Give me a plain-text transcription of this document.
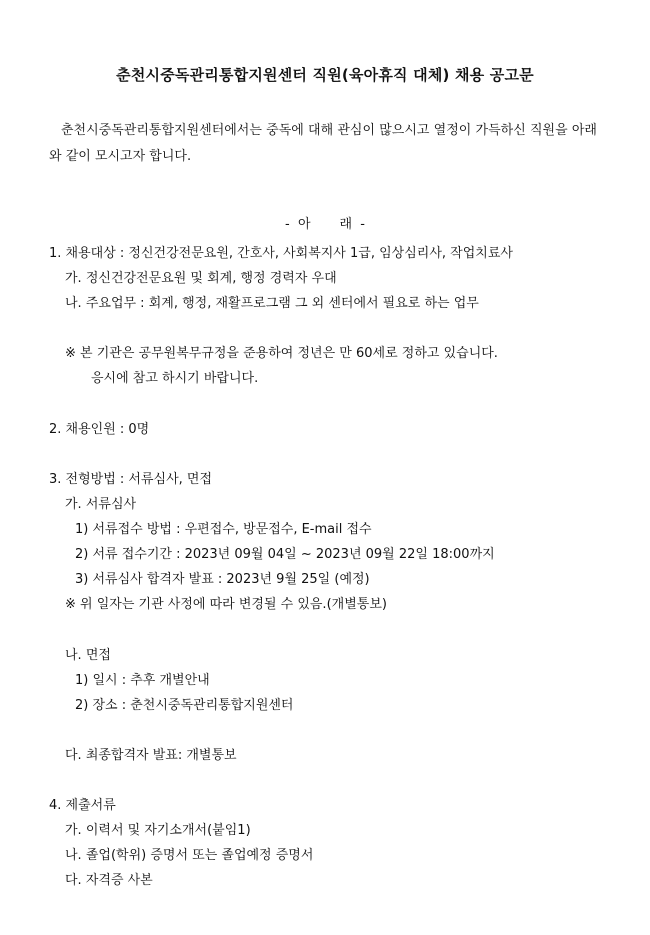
춘천시중독관리통합지원센터 직원(육아휴직 대체) 채용 공고문
춘천시중독관리통합지원센터에서는 중독에 대해 관심이 많으시고 열정이 가득하신 직원을 아래와 같이 모시고자 합니다.
-  아       래  -
1. 채용대상 : 정신건강전문요원, 간호사, 사회복지사 1급, 임상심리사, 작업치료사
가. 정신건강전문요원 및 회계, 행정 경력자 우대
나. 주요업무 : 회계, 행정, 재활프로그램 그 외 센터에서 필요로 하는 업무
※ 본 기관은 공무원복무규정을 준용하여 정년은 만 60세로 정하고 있습니다.
응시에 참고 하시기 바랍니다.
2. 채용인원 : 0명
3. 전형방법 : 서류심사, 면접
가. 서류심사
1) 서류접수 방법 : 우편접수, 방문접수, E-mail 접수
2) 서류 접수기간 : 2023년 09월 04일 ~ 2023년 09월 22일 18:00까지
3) 서류심사 합격자 발표 : 2023년 9월 25일 (예정)
※ 위 일자는 기관 사정에 따라 변경될 수 있음.(개별통보)
나. 면접
1) 일시 : 추후 개별안내
2) 장소 : 춘천시중독관리통합지원센터
다. 최종합격자 발표: 개별통보
4. 제출서류
가. 이력서 및 자기소개서(붙임1)
나. 졸업(학위) 증명서 또는 졸업예정 증명서
다. 자격증 사본
